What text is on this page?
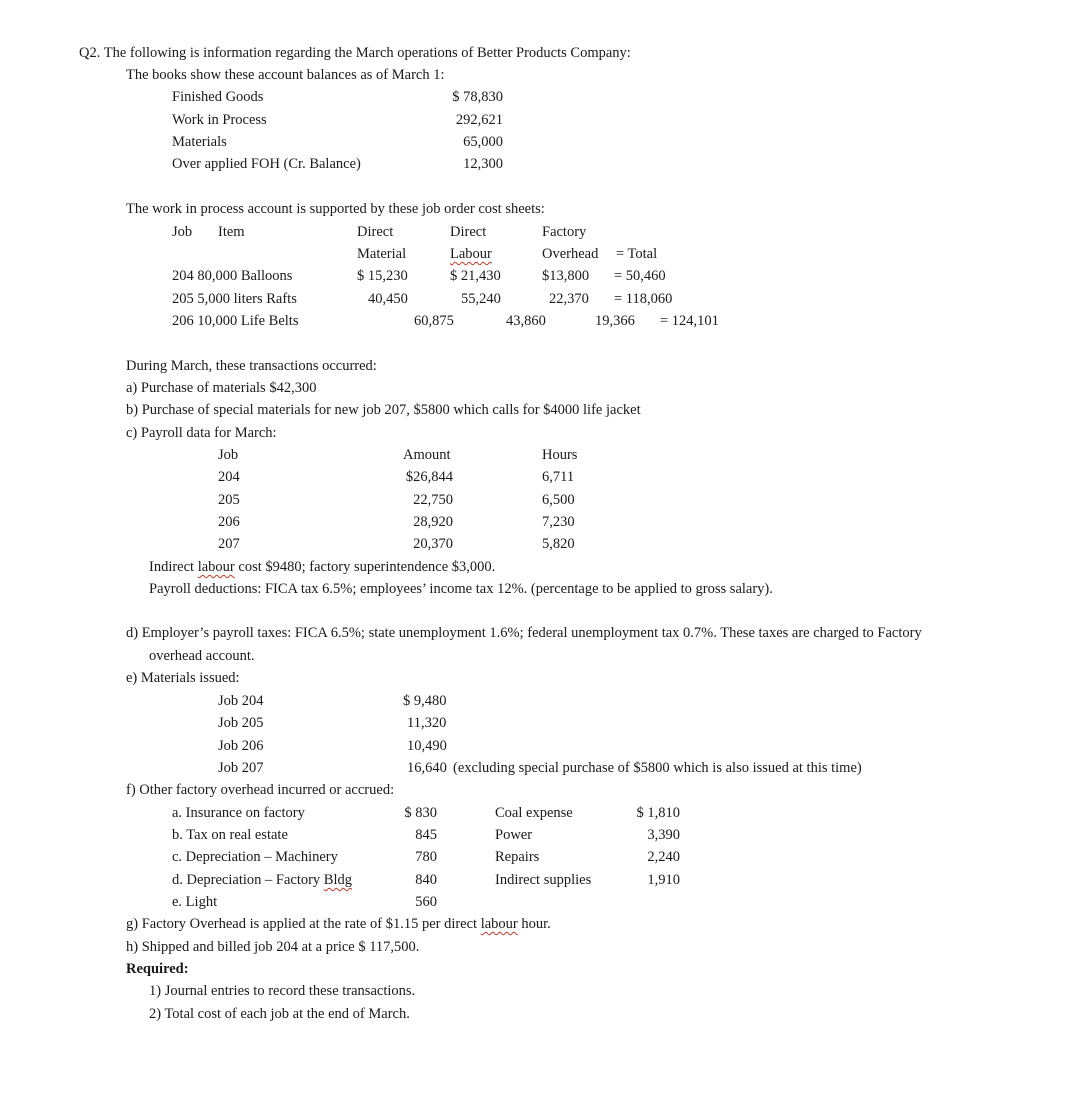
Q2. The following is information regarding the March operations of Better Products Company:
The books show these account balances as of March 1:
Finished Goods	$ 78,830
Work in Process	292,621
Materials	65,000
Over applied FOH (Cr. Balance)	12,300
The work in process account is supported by these job order cost sheets:
Job Item	Direct	Direct	Factory
Material	Labour	Overhead = Total
204 80,000 Balloons	$ 15,230	$ 21,430	$13,800 = 50,460
205 5,000 liters Rafts	40,450	55,240	22,370 = 118,060
206 10,000 Life Belts	60,875	43,860	19,366 = 124,101
During March, these transactions occurred:
a) Purchase of materials $42,300
b) Purchase of special materials for new job 207, $5800 which calls for $4000 life jacket
c) Payroll data for March:
Job	Amount	Hours
204	$26,844	6,711
205	22,750	6,500
206	28,920	7,230
207	20,370	5,820
Indirect labour cost $9480; factory superintendence $3,000.
Payroll deductions: FICA tax 6.5%; employees’ income tax 12%. (percentage to be applied to gross salary).
d) Employer’s payroll taxes: FICA 6.5%; state unemployment 1.6%; federal unemployment tax 0.7%. These taxes are charged to Factory
overhead account.
e) Materials issued:
Job 204	$ 9,480
Job 205	11,320
Job 206	10,490
Job 207	16,640 (excluding special purchase of $5800 which is also issued at this time)
f) Other factory overhead incurred or accrued:
a. Insurance on factory	$ 830	Coal expense	$ 1,810
b. Tax on real estate	845	Power	3,390
c. Depreciation – Machinery	780	Repairs	2,240
d. Depreciation – Factory Bldg	840	Indirect supplies	1,910
e. Light	560
g) Factory Overhead is applied at the rate of $1.15 per direct labour hour.
h) Shipped and billed job 204 at a price $ 117,500.
Required:
1) Journal entries to record these transactions.
2) Total cost of each job at the end of March.
